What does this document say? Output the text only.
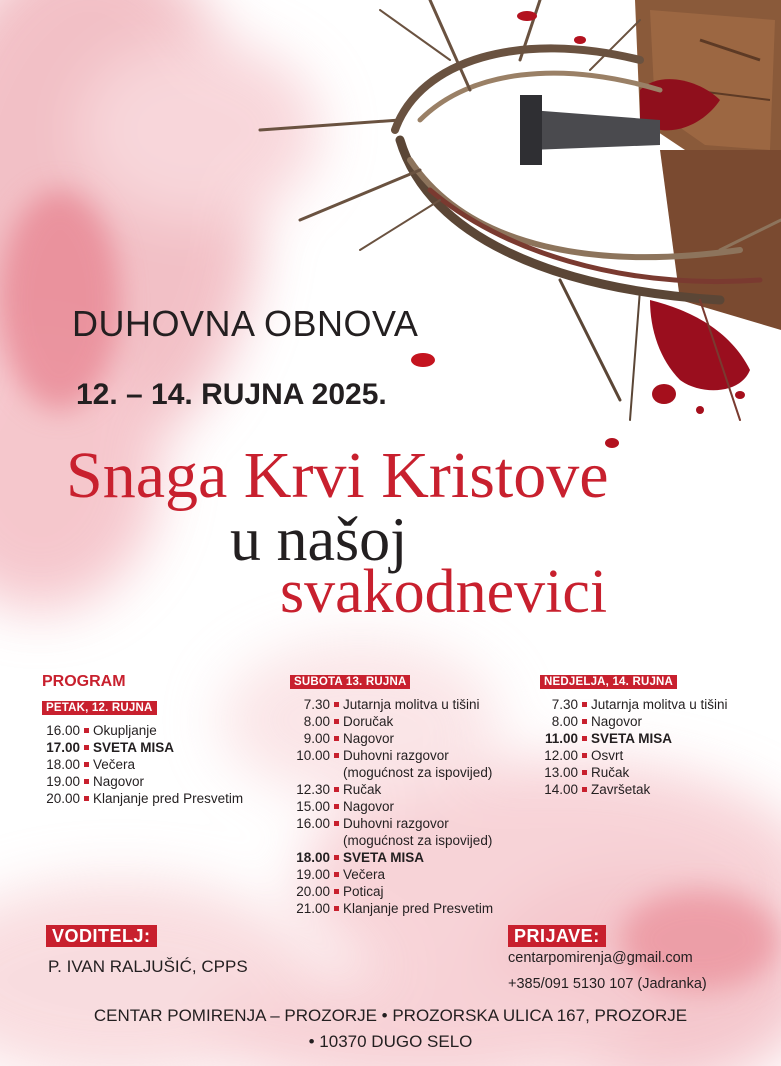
DUHOVNA OBNOVA
12. – 14. RUJNA 2025.
Snaga Krvi Kristove
u našoj
svakodnevici
PROGRAM
PETAK, 12. RUJNA
16.00 Okupljanje
17.00 SVETA MISA
18.00 Večera
19.00 Nagovor
20.00 Klanjanje pred Presvetim
SUBOTA 13. RUJNA
7.30 Jutarnja molitva u tišini
8.00 Doručak
9.00 Nagovor
10.00 Duhovni razgovor
(mogućnost za ispovijed)
12.30 Ručak
15.00 Nagovor
16.00 Duhovni razgovor
(mogućnost za ispovijed)
18.00 SVETA MISA
19.00 Večera
20.00 Poticaj
21.00 Klanjanje pred Presvetim
NEDJELJA, 14. RUJNA
7.30 Jutarnja molitva u tišini
8.00 Nagovor
11.00 SVETA MISA
12.00 Osvrt
13.00 Ručak
14.00 Završetak
VODITELJ:
P. IVAN RALJUŠIĆ, CPPS
PRIJAVE:
centarpomirenja@gmail.com
+385/091 5130 107 (Jadranka)
CENTAR POMIRENJA – PROZORJE • PROZORSKA ULICA 167, PROZORJE
• 10370 DUGO SELO
